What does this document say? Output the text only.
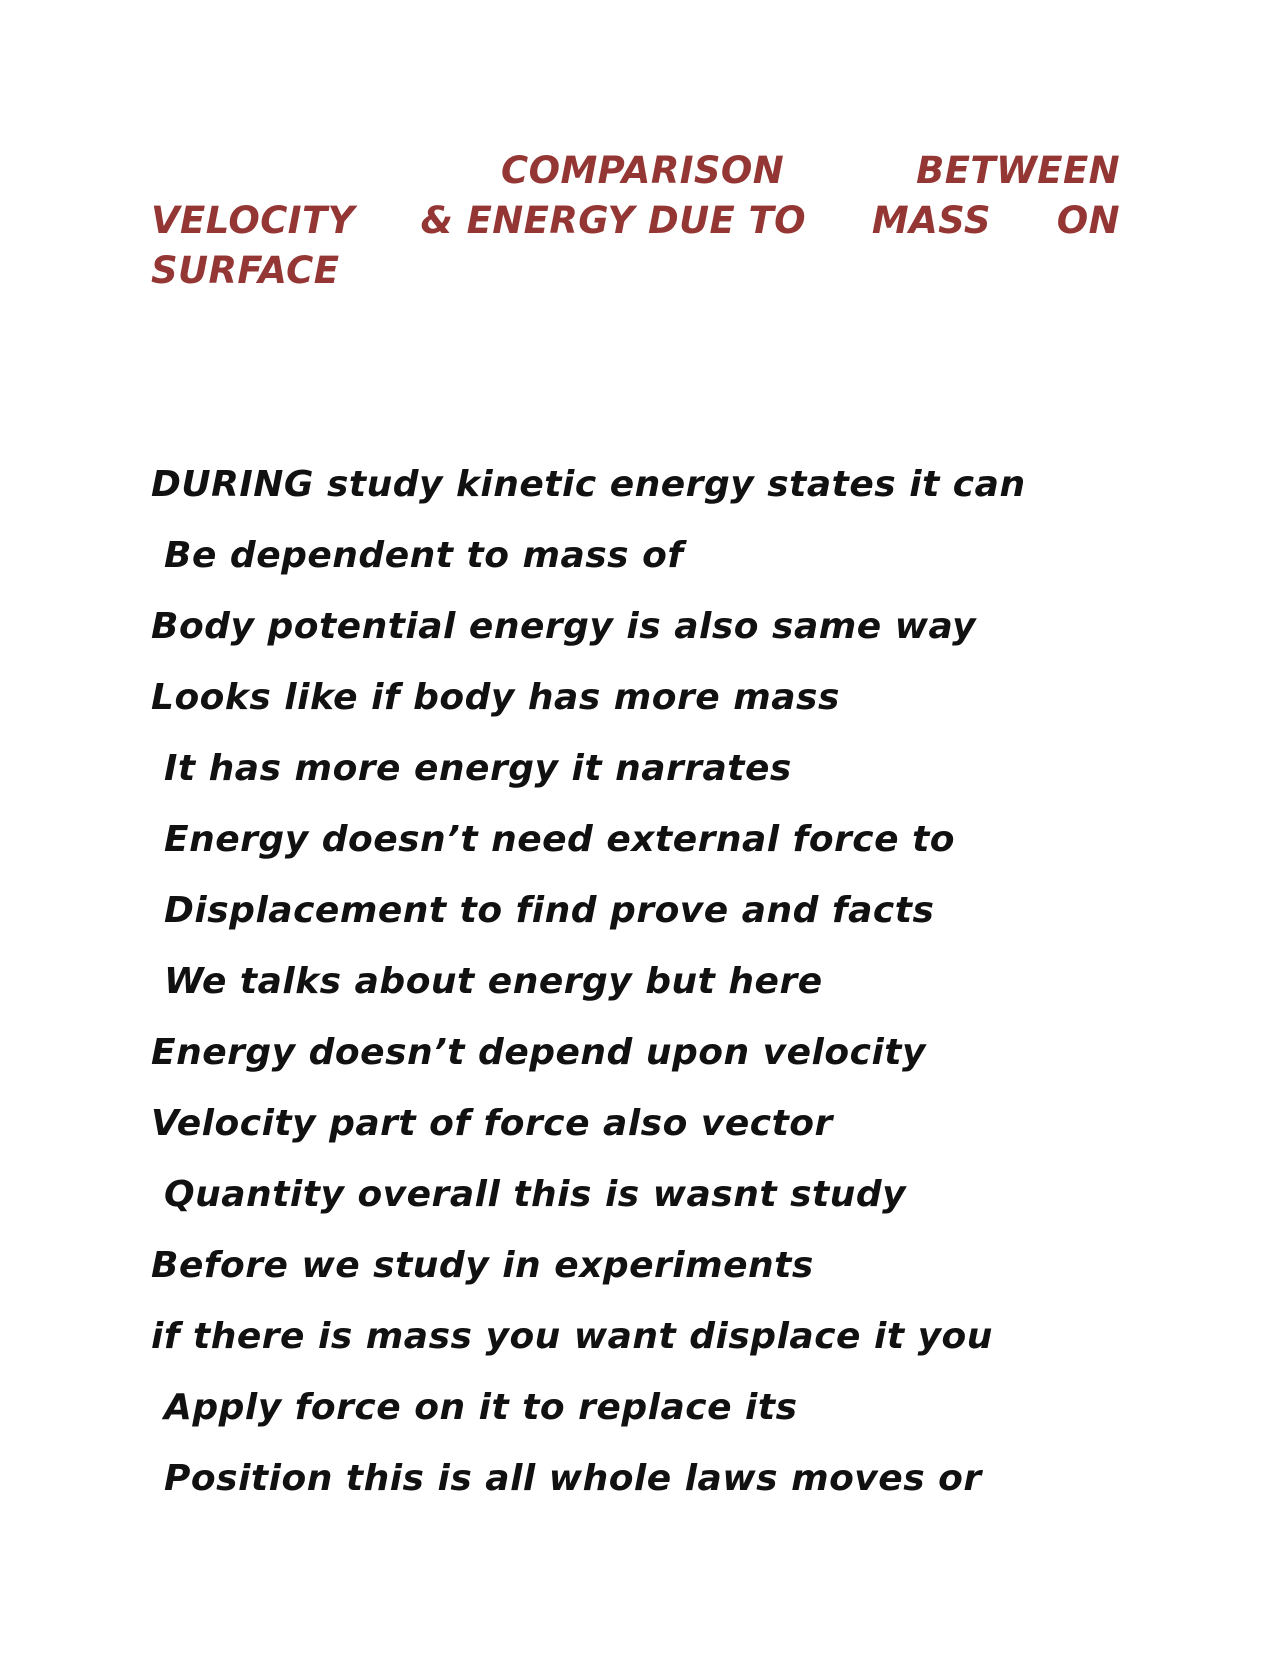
COMPARISON	BETWEEN
VELOCITY & ENERGY DUE TO MASS ON
SURFACE
DURING study kinetic energy states it can
Be dependent to mass of
Body potential energy is also same way
Looks like if body has more mass
It has more energy it narrates
Energy doesn’t need external force to
Displacement to find prove and facts
We talks about energy but here
Energy doesn’t depend upon velocity
Velocity part of force also vector
Quantity overall this is wasnt study
Before we study in experiments
if there is mass you want displace it you
Apply force on it to replace its
Position this is all whole laws moves or
